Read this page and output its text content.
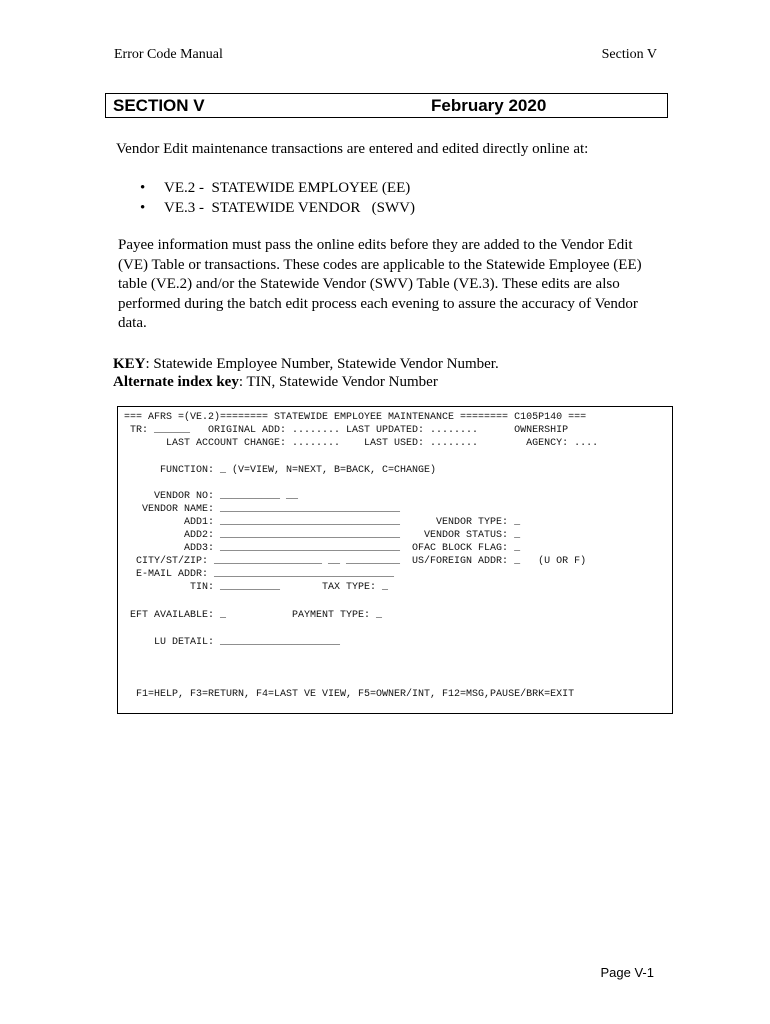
Error Code Manual	Section V
SECTION V	February 2020
Vendor Edit maintenance transactions are entered and edited directly online at:
• VE.2 -  STATEWIDE EMPLOYEE (EE)
• VE.3 -  STATEWIDE VENDOR   (SWV)
Payee information must pass the online edits before they are added to the Vendor Edit (VE) Table or transactions. These codes are applicable to the Statewide Employee (EE) table (VE.2) and/or the Statewide Vendor (SWV) Table (VE.3). These edits are also performed during the batch edit process each evening to assure the accuracy of Vendor data.
KEY: Statewide Employee Number, Statewide Vendor Number.
Alternate index key: TIN, Statewide Vendor Number
=== AFRS =(VE.2)======== STATEWIDE EMPLOYEE MAINTENANCE ======== C105P140 ===
TR: ______   ORIGINAL ADD: ........ LAST UPDATED: ........      OWNERSHIP
LAST ACCOUNT CHANGE: ........    LAST USED: ........        AGENCY: ....
FUNCTION: _ (V=VIEW, N=NEXT, B=BACK, C=CHANGE)
VENDOR NO: __________ __
VENDOR NAME: ______________________________
ADD1: ______________________________      VENDOR TYPE: _
ADD2: ______________________________    VENDOR STATUS: _
ADD3: ______________________________  OFAC BLOCK FLAG: _
CITY/ST/ZIP: __________________ __ _________  US/FOREIGN ADDR: _   (U OR F)
E-MAIL ADDR: ______________________________
TIN: __________       TAX TYPE: _
EFT AVAILABLE: _           PAYMENT TYPE: _
LU DETAIL: ____________________
F1=HELP, F3=RETURN, F4=LAST VE VIEW, F5=OWNER/INT, F12=MSG,PAUSE/BRK=EXIT
Page V-1
